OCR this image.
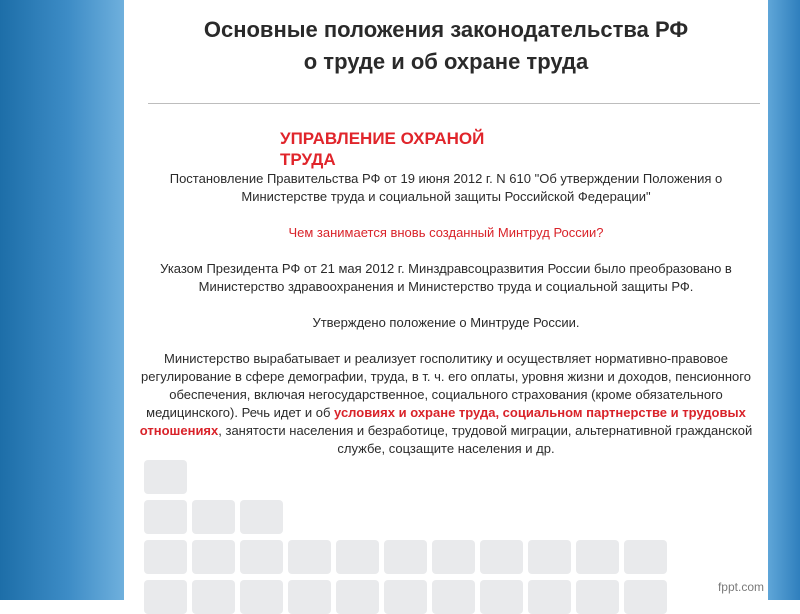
Основные положения законодательства РФ
о труде и об охране труда
УПРАВЛЕНИЕ ОХРАНОЙ ТРУДА

Постановление Правительства РФ от 19 июня 2012 г. N 610 "Об утверждении Положения о Министерстве труда и социальной защиты Российской Федерации"

Чем занимается вновь созданный Минтруд России?

Указом Президента РФ от 21 мая 2012 г. Минздравсоцразвития России было преобразовано в Министерство здравоохранения и Министерство труда и социальной защиты РФ.

Утверждено положение о Минтруде России.

Министерство вырабатывает и реализует госполитику и осуществляет нормативно-правовое регулирование в сфере демографии, труда, в т. ч. его оплаты, уровня жизни и доходов, пенсионного обеспечения, включая негосударственное, социального страхования (кроме обязательного медицинского). Речь идет и об условиях и охране труда, социальном партнерстве и трудовых отношениях, занятости населения и безработице, трудовой миграции, альтернативной гражданской службе, соцзащите населения и др.

fppt.com
